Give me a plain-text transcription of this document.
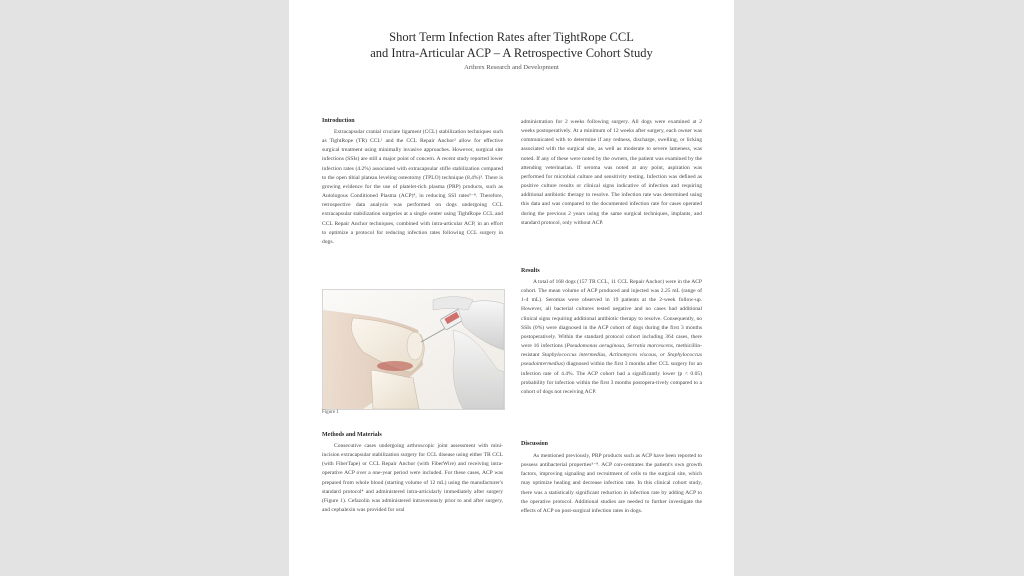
Short Term Infection Rates after TightRope CCL
and Intra-Articular ACP – A Retrospective Cohort Study
Arthrex Research and Development
Introduction

Extracapsular cranial cruciate ligament (CCL) stabilization techniques such as TightRope (TR) CCL¹ and the CCL Repair Anchor² allow for effective surgical treatment using minimally invasive approaches. However, surgical site infections (SSIs) are still a major point of concern. A recent study reported lower infection rates (4.2%) associated with extracapsular stifle stabilization compared to the open tibial plateau leveling osteotomy (TPLO) technique (8.4%)³. There is growing evidence for the use of platelet-rich plasma (PRP) products, such as Autologous Conditioned Plasma (ACP)⁴, in reducing SSI rates⁵⁻⁸. Therefore, retrospective data analysis was performed on dogs undergoing CCL extracapsular stabilization surgeries at a single center using TightRope CCL and CCL Repair Anchor techniques, combined with intra-articular ACP, in an effort to optimize a protocol for reducing infection rates following CCL surgery in dogs.

Figure 1
Methods and Materials

Consecutive cases undergoing arthroscopic joint assessment with mini-incision extracapsular stabilization surgery for CCL disease using either TR CCL (with FiberTape) or CCL Repair Anchor (with FiberWire) and receiving intra-operative ACP over a one-year period were included. For these cases, ACP was prepared from whole blood (starting volume of 12 mL) using the manufacturer's standard protocol⁴ and administered intra-articularly immediately after surgery (Figure 1). Cefazolin was administered intravenously prior to and after surgery, and cephalexin was provided for oral

administration for 2 weeks following surgery. All dogs were examined at 2 weeks postoperatively. At a minimum of 12 weeks after surgery, each owner was communicated with to determine if any redness, discharge, swelling, or licking associated with the surgical site, as well as moderate to severe lameness, was noted. If any of these were noted by the owners, the patient was examined by the attending veterinarian. If seroma was noted at any point, aspiration was performed for microbial culture and sensitivity testing. Infection was defined as positive culture results or clinical signs indicative of infection and requiring additional antibiotic therapy to resolve. The infection rate was determined using this data and was compared to the documented infection rate for cases operated during the previous 2 years using the same surgical techniques, implants, and standard protocol, only without ACP.

Results

A total of 168 dogs (157 TR CCL, 11 CCL Repair Anchor) were in the ACP cohort. The mean volume of ACP produced and injected was 2.25 mL (range of 1-4 mL). Seromas were observed in 19 patients at the 2-week follow-up. However, all bacterial cultures tested negative and no cases had additional clinical signs requiring additional antibiotic therapy to resolve. Consequently, no SSIs (0%) were diagnosed in the ACP cohort of dogs during the first 3 months postoperatively. Within the standard protocol cohort including 364 cases, there were 16 infections (Pseudomonas aeruginosa, Serratia marcescens, methicillin-resistant Staphylococcus intermedius, Actinomyces viscous, or Staphylococcus pseudointermedius) diagnosed within the first 3 months after CCL surgery for an infection rate of 4.4%. The ACP cohort had a significantly lower (p < 0.05) probability for infection within the first 3 months postopera-tively compared to a cohort of dogs not receiving ACP.

Discussion

As mentioned previously, PRP products such as ACP have been reported to possess antibacterial properties⁵⁻⁸. ACP con-centrates the patient's own growth factors, improving signaling and recruitment of cells to the surgical site, which may optimize healing and decrease infection rate. In this clinical cohort study, there was a statistically significant reduction in infection rate by adding ACP to the operative protocol. Additional studies are needed to further investigate the effects of ACP on post-surgical infection rates in dogs.
